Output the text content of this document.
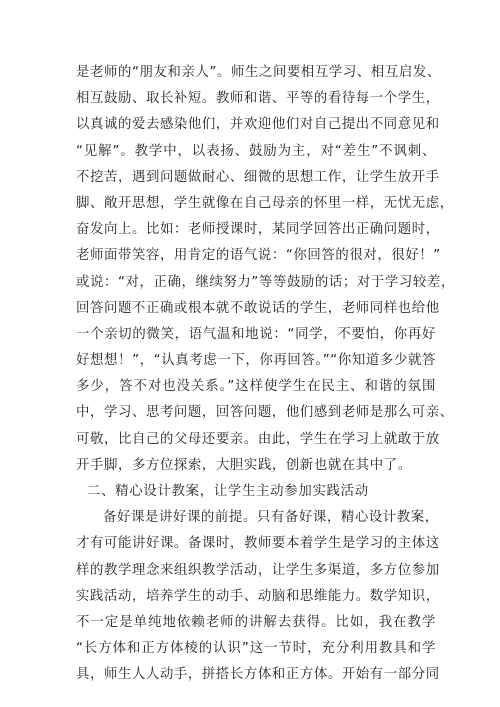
是老师的“朋友和亲人”。师生之间要相互学习、相互启发、
相互鼓励、取长补短。教师和谐、平等的看待每一个学生，
以真诚的爱去感染他们，并欢迎他们对自己提出不同意见和
“见解”。教学中，以表扬、鼓励为主，对“差生”不讽刺、
不挖苦，遇到问题做耐心、细微的思想工作，让学生放开手
脚、敞开思想，学生就像在自己母亲的怀里一样，无忧无虑，
奋发向上。比如：老师授课时，某同学回答出正确问题时，
老师面带笑容，用肯定的语气说：“你回答的很对，很好！”
或说：“对，正确，继续努力”等等鼓励的话；对于学习较差，
回答问题不正确或根本就不敢说话的学生，老师同样也给他
一个亲切的微笑，语气温和地说：“同学，不要怕，你再好
好想想！”，“认真考虑一下，你再回答。”“你知道多少就答
多少，答不对也没关系。”这样使学生在民主、和谐的氛围
中，学习、思考问题，回答问题，他们感到老师是那么可亲、
可敬，比自己的父母还要亲。由此，学生在学习上就敢于放
开手脚，多方位探索，大胆实践，创新也就在其中了。
二、精心设计教案，让学生主动参加实践活动
备好课是讲好课的前提。只有备好课，精心设计教案，
才有可能讲好课。备课时，教师要本着学生是学习的主体这
样的教学理念来组织教学活动，让学生多渠道，多方位参加
实践活动，培养学生的动手、动脑和思维能力。数学知识，
不一定是单纯地依赖老师的讲解去获得。比如，我在教学
“长方体和正方体棱的认识”这一节时，充分利用教具和学
具，师生人人动手，拼搭长方体和正方体。开始有一部分同
